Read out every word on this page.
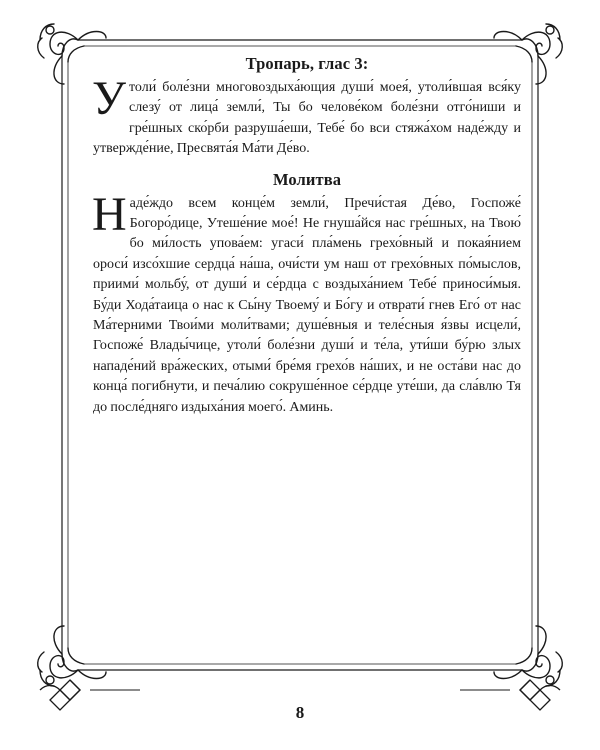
Тропарь, глас 3:

Утоли́ боле́зни многовоздыха́ющия души́ моея́, утоли́вшая вся́ку слезу́ от лица́ земли́, Ты бо челове́ком боле́зни отго́ниши и гре́шных ско́рби разруша́еши, Тебе́ бо вси стяжа́хом наде́жду и утвержде́ние, Пресвята́я Ма́ти Де́во.

Молитва

Наде́ждо всем конце́м земли́, Пречи́стая Де́во, Госпоже́ Богоро́дице, Утеше́ние мое́! Не гнуша́йся нас гре́шных, на Твою́ бо ми́лость упова́ем: угаси́ пла́мень грехо́вный и покая́нием ороси́ изсо́хшие сердца́ на́ша, очи́сти ум наш от грехо́вных по́мыслов, приими́ мольбу́, от души́ и се́рдца с воздыха́нием Тебе́ принoси́мыя. Бу́ди Хода́таица о нас к Сы́ну Твоему́ и Бо́гу и отврати́ гнев Его́ от нас Ма́терними Твои́ми моли́твами; душе́вныя и теле́сныя я́звы исцели́, Госпоже́ Влады́чице, утоли́ боле́зни души́ и те́ла, ути́ши бу́рю злых нападе́ний вра́жеских, отыми́ бре́мя грехо́в на́ших, и не оста́ви нас до конца́ погибнути, и печа́лию сокруше́нное се́рдце уте́ши, да сла́влю Тя до после́дняго издыха́ния моего́. Аминь.

8
